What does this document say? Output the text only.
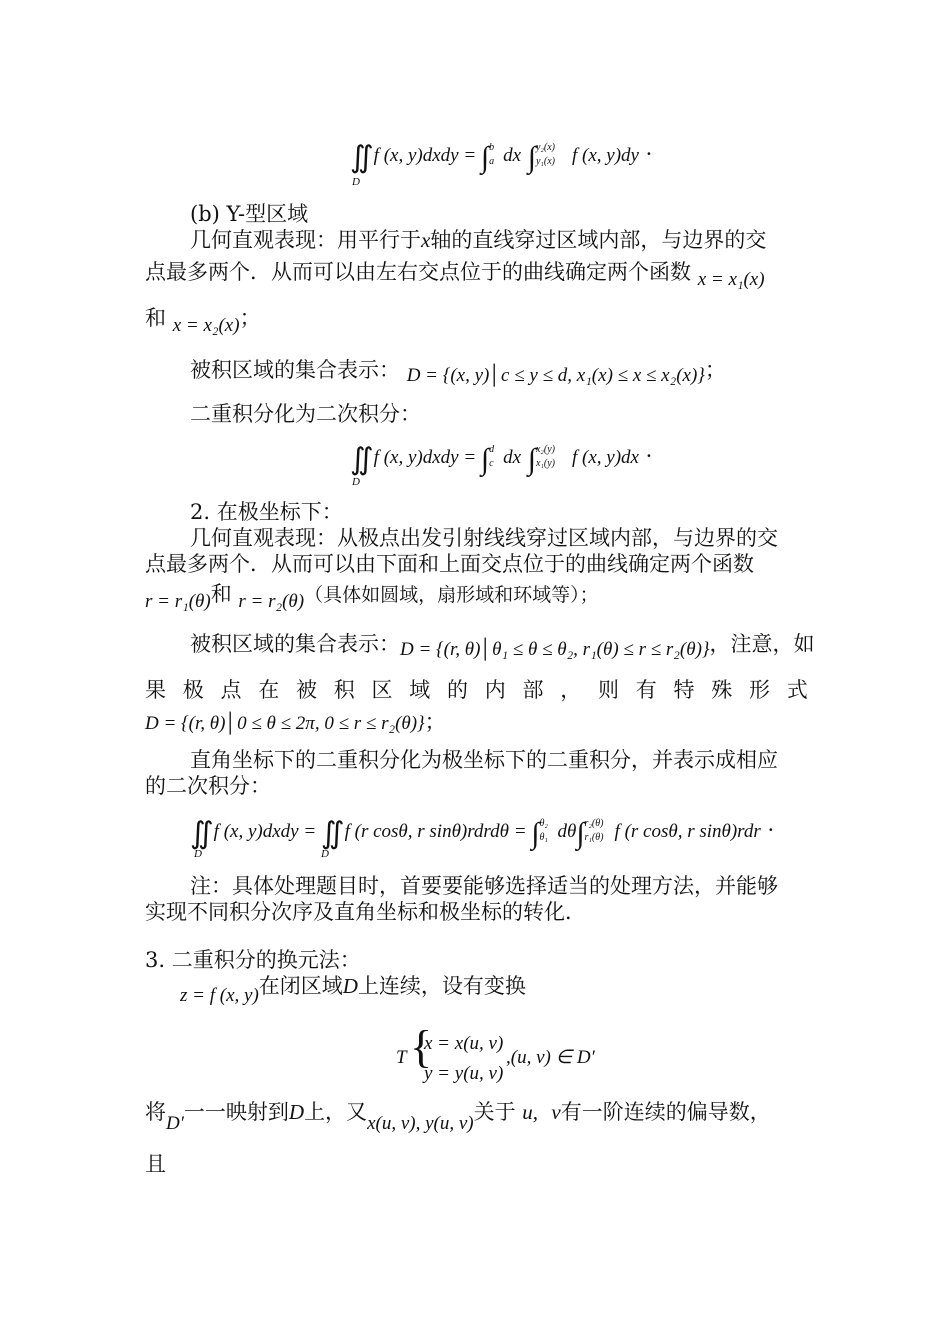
∬f (x, y)dxdy = ∫ b
a dx ∫ y₂(x)
y₁(x) f (x, y)dy ·
D
(b) Y-型区域
几何直观表现：用平行于x轴的直线穿过区域内部，与边界的交
点最多两个．从而可以由左右交点位于的曲线确定两个函数 x = x₁(x)
和 x = x₂(x)；
被积区域的集合表示： D = {(x, y)│c ≤ y ≤ d, x₁(x) ≤ x ≤ x₂(x)}；
二重积分化为二次积分：
∬f (x, y)dxdy = ∫ d
c dx ∫ x₂(y)
x₁(y) f (x, y)dx ·
D
2. 在极坐标下：
几何直观表现：从极点出发引射线线穿过区域内部，与边界的交
点最多两个．从而可以由下面和上面交点位于的曲线确定两个函数
r = r₁(θ)和 r = r₂(θ)（具体如圆域，扇形域和环域等）；
被积区域的集合表示：D = {(r, θ)│θ₁ ≤ θ ≤ θ₂, r₁(θ) ≤ r ≤ r₂(θ)}，注意，如
果 极 点 在 被 积 区 域 的 内 部 ， 则 有 特 殊 形 式
D = {(r, θ)│0 ≤ θ ≤ 2π, 0 ≤ r ≤ r₂(θ)}；
直角坐标下的二重积分化为极坐标下的二重积分，并表示成相应
的二次积分：
∬f (x, y)dxdy = ∬f (r cosθ, r sinθ)rdrdθ = ∫ θ₂
θ₁ dθ∫ r₂(θ)
r₁(θ) f (r cosθ, r sinθ)rdr ·
D	D
注：具体处理题目时，首要要能够选择适当的处理方法，并能够
实现不同积分次序及直角坐标和极坐标的转化．
3. 二重积分的换元法：
z = f (x, y)在闭区域D上连续，设有变换
T {
x = x(u, v)
y = y(u, v)
,(u, v) ∈ D′
将D′一一映射到D上，又x(u, v), y(u, v)关于 u, v有一阶连续的偏导数，
且
